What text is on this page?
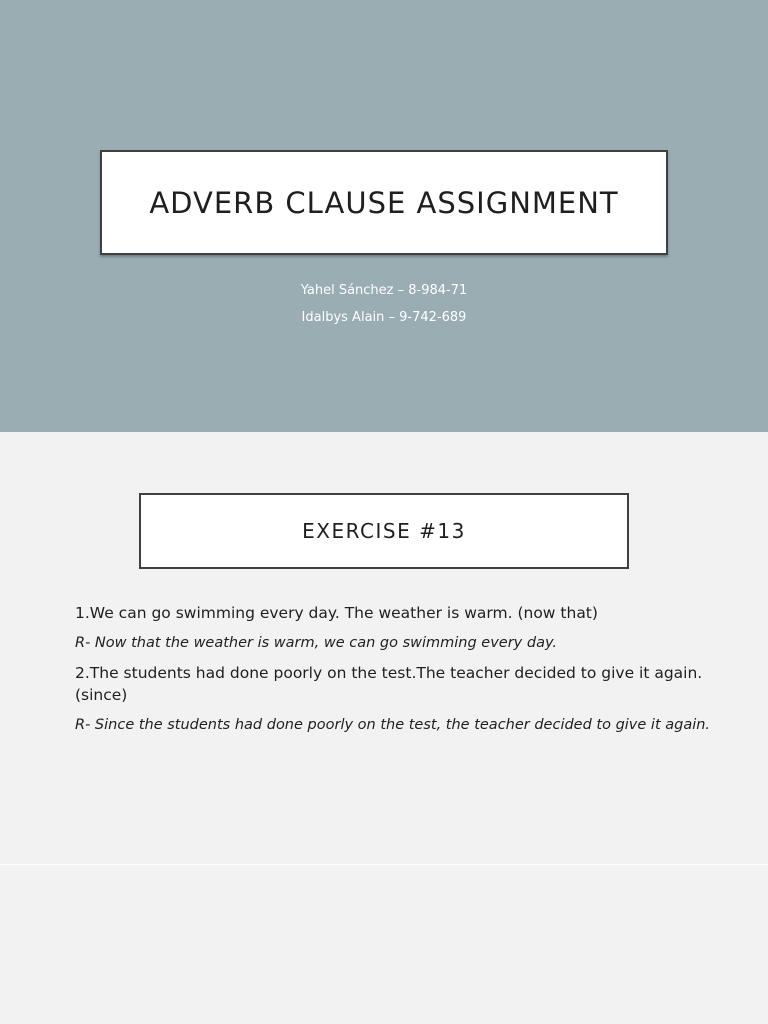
ADVERB CLAUSE ASSIGNMENT
Yahel Sánchez – 8-984-71
Idalbys Alain – 9-742-689
EXERCISE #13

1.We can go swimming every day. The weather is warm. (now that)

R- Now that the weather is warm, we can go swimming every day.

2.The students had done poorly on the test.The teacher decided to give it again. (since)

R- Since the students had done poorly on the test, the teacher decided to give it again.
